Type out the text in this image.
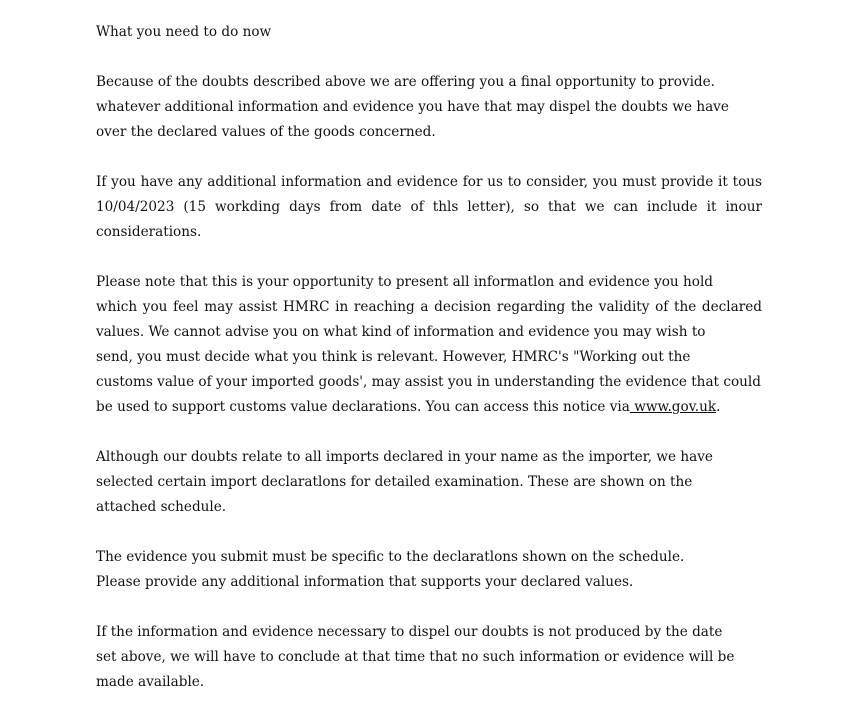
What you need to do now
Because of the doubts described above we are offering you a final opportunity to provide.
whatever additional information and evidence you have that may dispel the doubts we have
over the declared values of the goods concerned.
If you have any additional information and evidence for us to consider, you must provide it tous
10/04/2023 (15 workding days from date of thls letter), so that we can include it inour
considerations.
Please note that this is your opportunity to present all informatlon and evidence you hold
which you feel may assist HMRC in reaching a decision regarding the validity of the declared
values. We cannot advise you on what kind of information and evidence you may wish to
send, you must decide what you think is relevant. However, HMRC's "Working out the
customs value of your imported goods', may assist you in understanding the evidence that could
be used to support customs value declarations. You can access this notice via www.gov.uk.
Although our doubts relate to all imports declared in your name as the importer, we have
selected certain import declaratlons for detailed examination. These are shown on the
attached schedule.
The evidence you submit must be specific to the declaratlons shown on the schedule.
Please provide any additional information that supports your declared values.
If the information and evidence necessary to dispel our doubts is not produced by the date
set above, we will have to conclude at that time that no such information or evidence will be
made available.
